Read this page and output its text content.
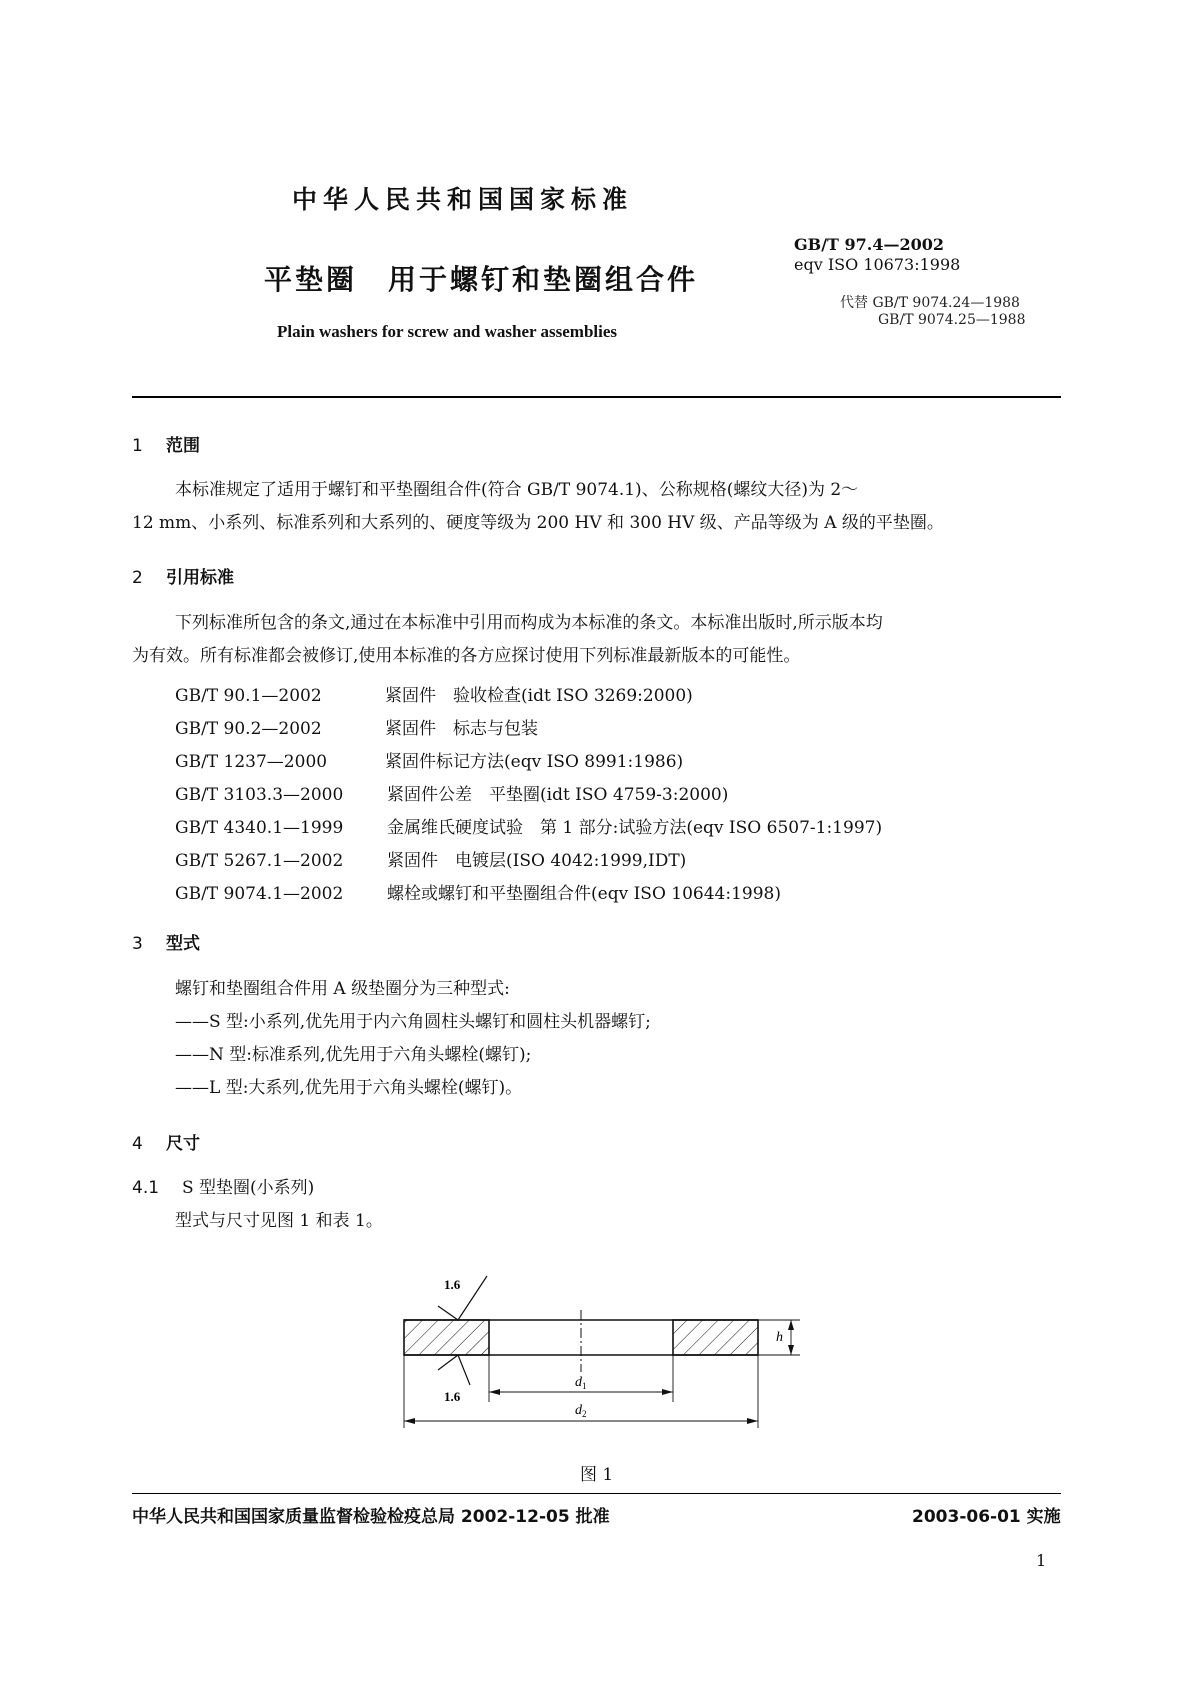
中华人民共和国国家标准
平垫圈　用于螺钉和垫圈组合件
Plain washers for screw and washer assemblies
GB/T 97.4—2002
eqv ISO 10673:1998
代替 GB/T 9074.24—1988
GB/T 9074.25—1988
1 范围
本标准规定了适用于螺钉和平垫圈组合件(符合 GB/T 9074.1)、公称规格(螺纹大径)为 2～
12 mm、小系列、标准系列和大系列的、硬度等级为 200 HV 和 300 HV 级、产品等级为 A 级的平垫圈。
2 引用标准
下列标准所包含的条文,通过在本标准中引用而构成为本标准的条文。本标准出版时,所示版本均
为有效。所有标准都会被修订,使用本标准的各方应探讨使用下列标准最新版本的可能性。
GB/T 90.1—2002	紧固件　验收检查(idt ISO 3269:2000)
GB/T 90.2—2002	紧固件　标志与包装
GB/T 1237—2000	紧固件标记方法(eqv ISO 8991:1986)
GB/T 3103.3—2000	紧固件公差　平垫圈(idt ISO 4759-3:2000)
GB/T 4340.1—1999	金属维氏硬度试验　第 1 部分:试验方法(eqv ISO 6507-1:1997)
GB/T 5267.1—2002	紧固件　电镀层(ISO 4042:1999,IDT)
GB/T 9074.1—2002	螺栓或螺钉和平垫圈组合件(eqv ISO 10644:1998)
3 型式
螺钉和垫圈组合件用 A 级垫圈分为三种型式:
——S 型:小系列,优先用于内六角圆柱头螺钉和圆柱头机器螺钉;
——N 型:标准系列,优先用于六角头螺栓(螺钉);
——L 型:大系列,优先用于六角头螺栓(螺钉)。
4 尺寸
4.1 S 型垫圈(小系列)
型式与尺寸见图 1 和表 1。
1.6
1.6
$d_1$
$d_2$
h
图 1
中华人民共和国国家质量监督检验检疫总局 2002-12-05 批准	2003-06-01 实施
1
